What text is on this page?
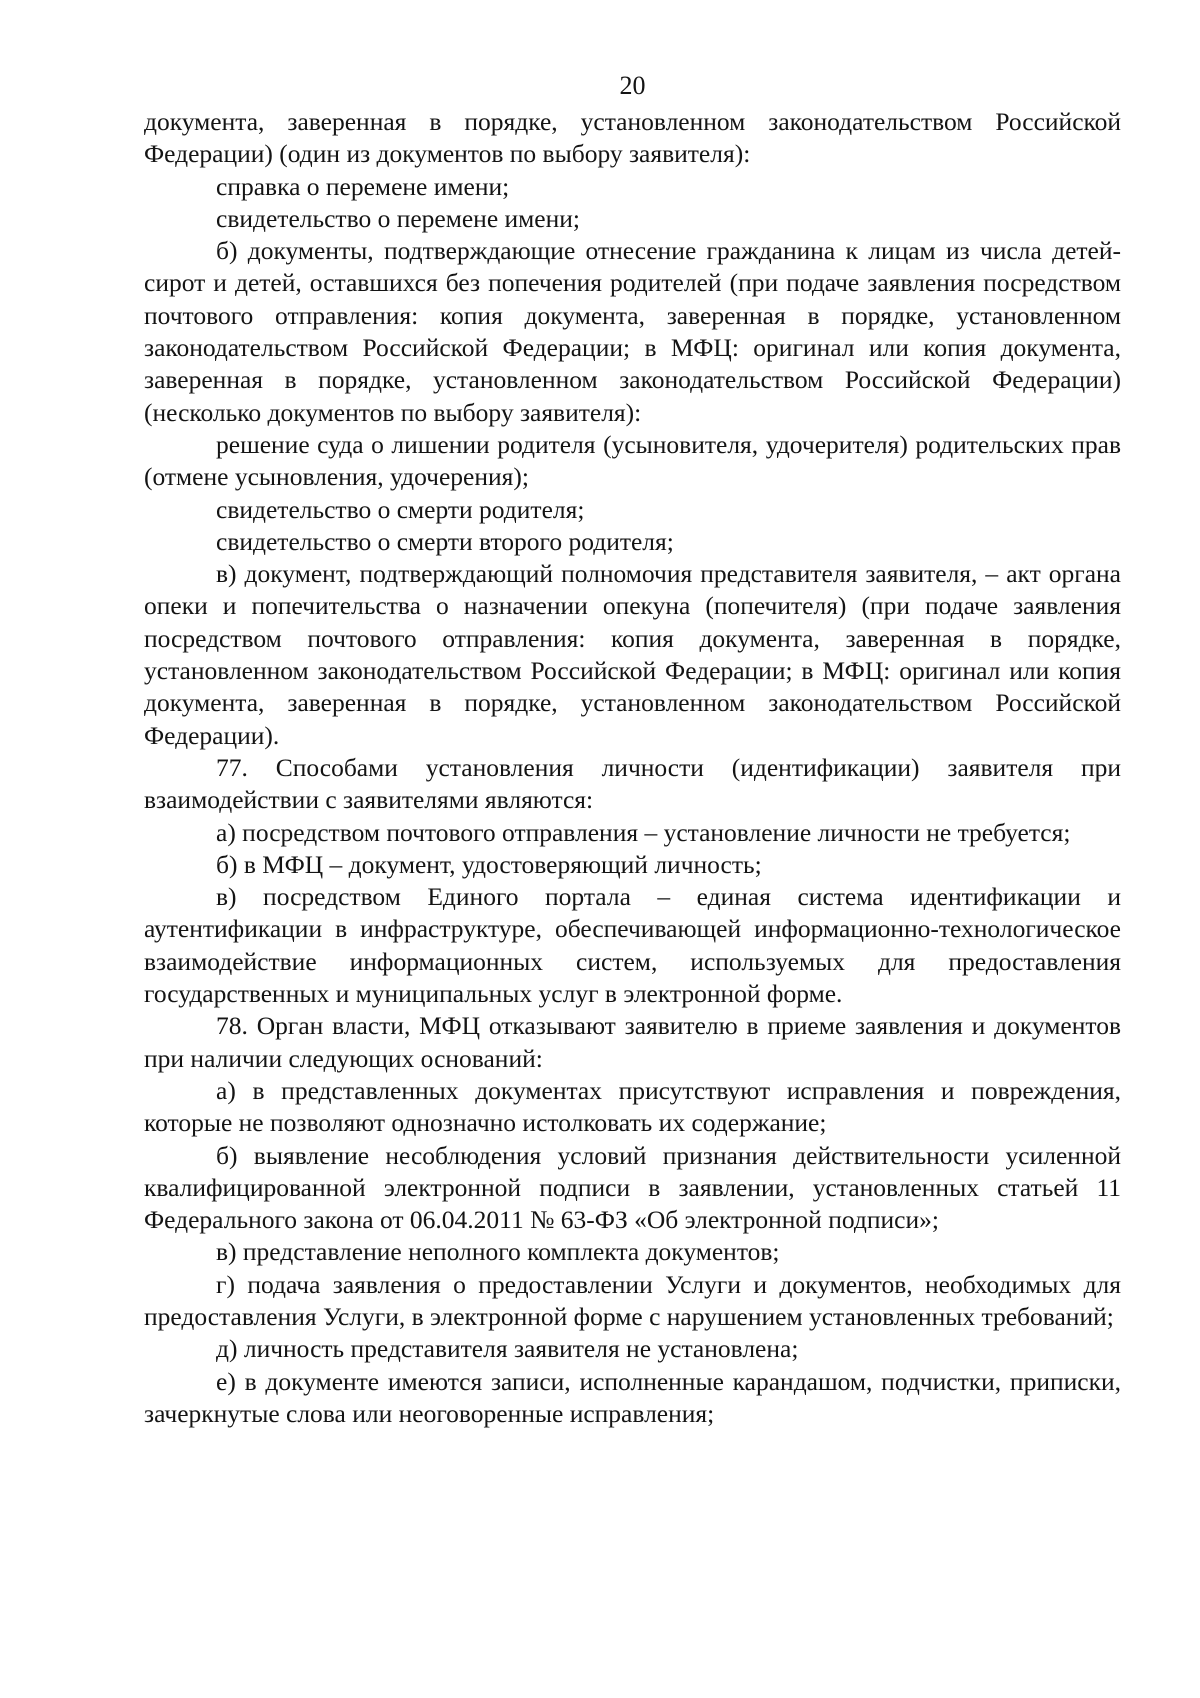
20

документа, заверенная в порядке, установленном законодательством Российской Федерации) (один из документов по выбору заявителя):

справка о перемене имени;

свидетельство о перемене имени;

б) документы, подтверждающие отнесение гражданина к лицам из числа детей-сирот и детей, оставшихся без попечения родителей (при подаче заявления посредством почтового отправления: копия документа, заверенная в порядке, установленном законодательством Российской Федерации; в МФЦ: оригинал или копия документа, заверенная в порядке, установленном законодательством Российской Федерации) (несколько документов по выбору заявителя):

решение суда о лишении родителя (усыновителя, удочерителя) родительских прав (отмене усыновления, удочерения);

свидетельство о смерти родителя;

свидетельство о смерти второго родителя;

в) документ, подтверждающий полномочия представителя заявителя, – акт органа опеки и попечительства о назначении опекуна (попечителя) (при подаче заявления посредством почтового отправления: копия документа, заверенная в порядке, установленном законодательством Российской Федерации; в МФЦ: оригинал или копия документа, заверенная в порядке, установленном законодательством Российской Федерации).

77. Способами установления личности (идентификации) заявителя при взаимодействии с заявителями являются:

а) посредством почтового отправления – установление личности не требуется;

б) в МФЦ – документ, удостоверяющий личность;

в) посредством Единого портала – единая система идентификации и аутентификации в инфраструктуре, обеспечивающей информационно-технологическое взаимодействие информационных систем, используемых для предоставления государственных и муниципальных услуг в электронной форме.

78. Орган власти, МФЦ отказывают заявителю в приеме заявления и документов при наличии следующих оснований:

а) в представленных документах присутствуют исправления и повреждения, которые не позволяют однозначно истолковать их содержание;

б) выявление несоблюдения условий признания действительности усиленной квалифицированной электронной подписи в заявлении, установленных статьей 11 Федерального закона от 06.04.2011 № 63-ФЗ «Об электронной подписи»;

в) представление неполного комплекта документов;

г) подача заявления о предоставлении Услуги и документов, необходимых для предоставления Услуги, в электронной форме с нарушением установленных требований;

д) личность представителя заявителя не установлена;

е) в документе имеются записи, исполненные карандашом, подчистки, приписки, зачеркнутые слова или неоговоренные исправления;
